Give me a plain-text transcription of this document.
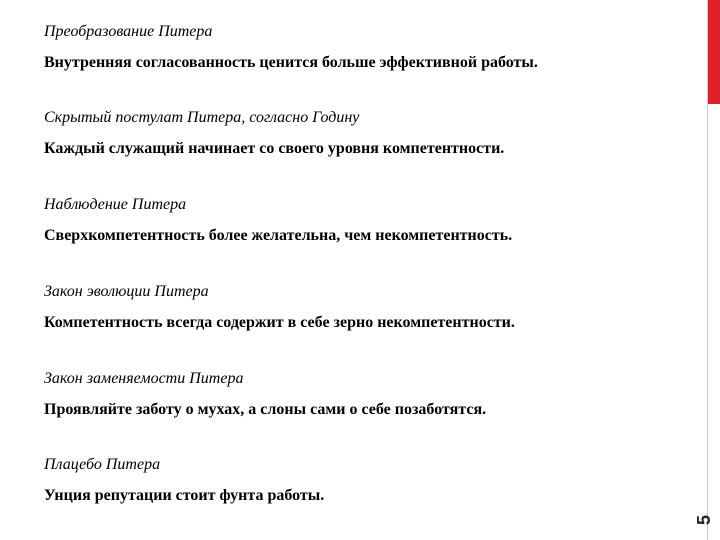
Преобразование Питера
Внутренняя согласованность ценится больше эффективной работы.
Скрытый постулат Питера, согласно Годину
Каждый служащий начинает со своего уровня компетентности.
Наблюдение Питера
Сверхкомпетентность более желательна, чем некомпетентность.
Закон эволюции Питера
Компетентность всегда содержит в себе зерно некомпетентности.
Закон заменяемости Питера
Проявляйте заботу о мухах, а слоны сами о себе позаботятся.
Плацебо Питера
Унция репутации стоит фунта работы.
5
